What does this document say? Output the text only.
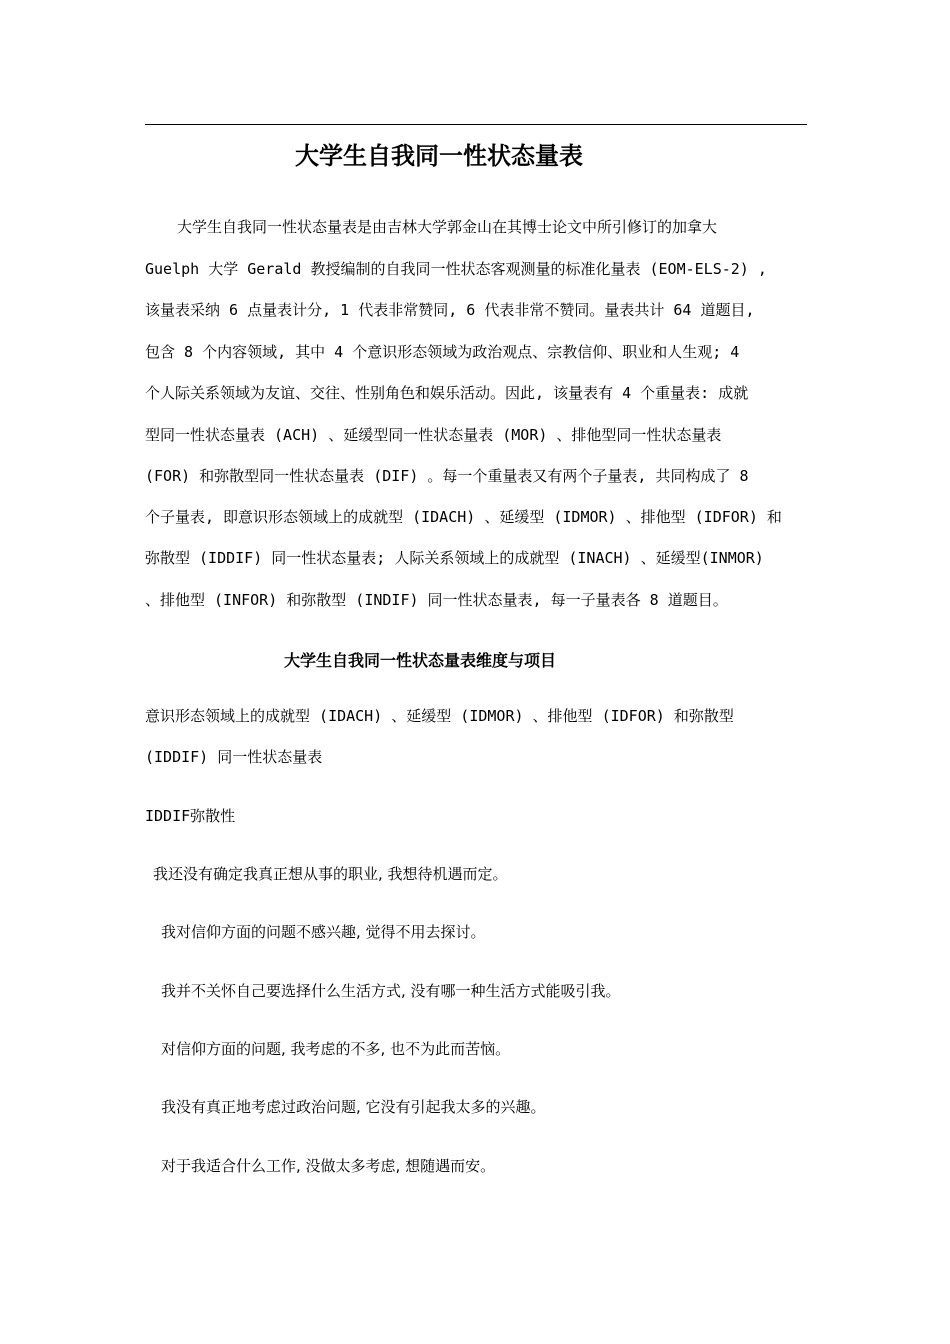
大学生自我同一性状态量表
大学生自我同一性状态量表是由吉林大学郭金山在其博士论文中所引修订的加拿大
Guelph 大学 Gerald 教授编制的自我同一性状态客观测量的标准化量表 (EOM-ELS-2) ,
该量表采纳 6 点量表计分, 1 代表非常赞同, 6 代表非常不赞同。量表共计 64 道题目,
包含 8 个内容领域, 其中 4 个意识形态领域为政治观点、宗教信仰、职业和人生观; 4
个人际关系领域为友谊、交往、性别角色和娱乐活动。因此, 该量表有 4 个重量表: 成就
型同一性状态量表 (ACH) 、延缓型同一性状态量表 (MOR) 、排他型同一性状态量表
(FOR) 和弥散型同一性状态量表 (DIF) 。每一个重量表又有两个子量表, 共同构成了 8
个子量表, 即意识形态领域上的成就型 (IDACH) 、延缓型 (IDMOR) 、排他型 (IDFOR) 和
弥散型 (IDDIF) 同一性状态量表; 人际关系领域上的成就型 (INACH) 、延缓型(INMOR)
、排他型 (INFOR) 和弥散型 (INDIF) 同一性状态量表, 每一子量表各 8 道题目。
大学生自我同一性状态量表维度与项目
意识形态领域上的成就型 (IDACH) 、延缓型 (IDMOR) 、排他型 (IDFOR) 和弥散型
(IDDIF) 同一性状态量表
IDDIF弥散性
我还没有确定我真正想从事的职业, 我想待机遇而定。
我对信仰方面的问题不感兴趣, 觉得不用去探讨。
我并不关怀自己要选择什么生活方式, 没有哪一种生活方式能吸引我。
对信仰方面的问题, 我考虑的不多, 也不为此而苦恼。
我没有真正地考虑过政治问题, 它没有引起我太多的兴趣。
对于我适合什么工作, 没做太多考虑, 想随遇而安。
